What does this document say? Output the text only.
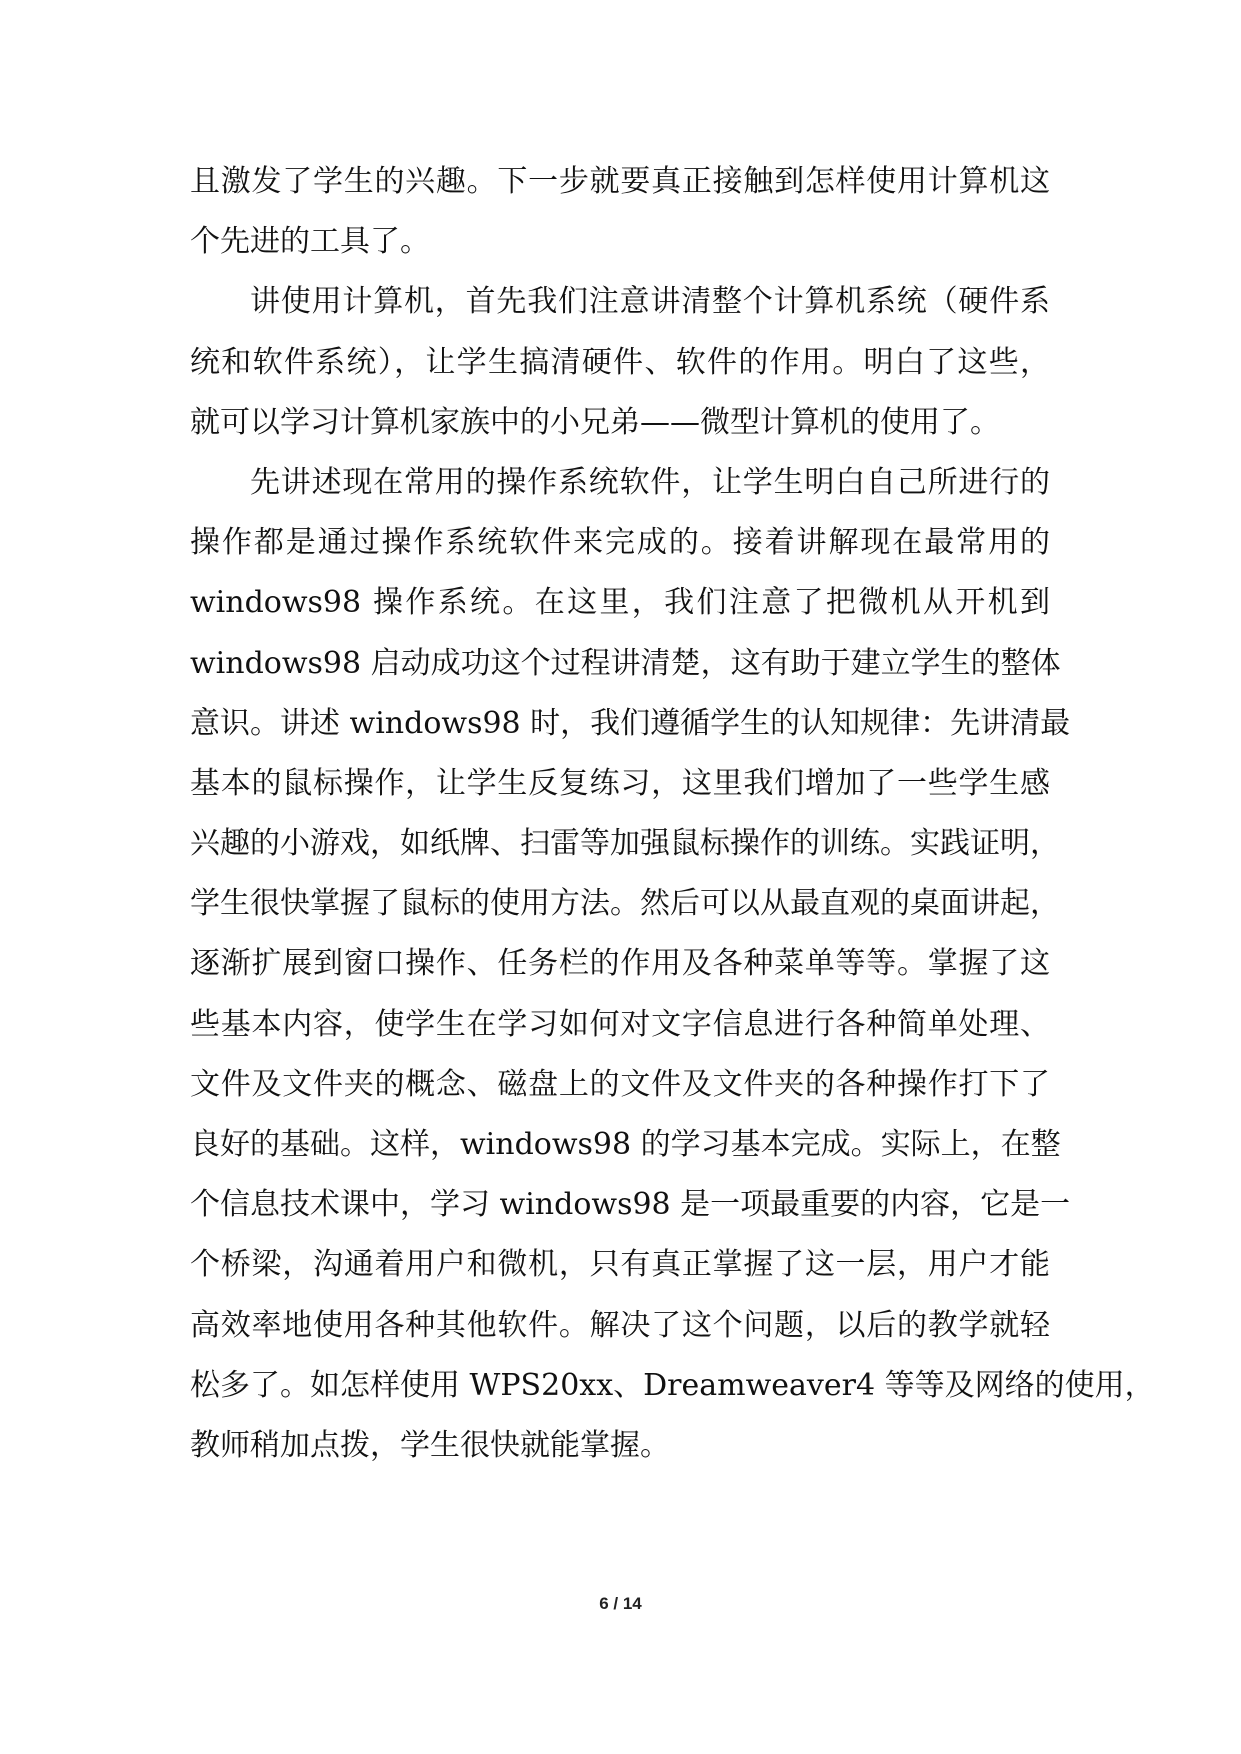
且激发了学生的兴趣。下一步就要真正接触到怎样使用计算机这
个先进的工具了。
讲使用计算机，首先我们注意讲清整个计算机系统（硬件系
统和软件系统），让学生搞清硬件、软件的作用。明白了这些，
就可以学习计算机家族中的小兄弟——微型计算机的使用了。
先讲述现在常用的操作系统软件，让学生明白自己所进行的
操作都是通过操作系统软件来完成的。接着讲解现在最常用的
windows98 操作系统。在这里，我们注意了把微机从开机到
windows98 启动成功这个过程讲清楚，这有助于建立学生的整体
意识。讲述 windows98 时，我们遵循学生的认知规律：先讲清最
基本的鼠标操作，让学生反复练习，这里我们增加了一些学生感
兴趣的小游戏，如纸牌、扫雷等加强鼠标操作的训练。实践证明，
学生很快掌握了鼠标的使用方法。然后可以从最直观的桌面讲起，
逐渐扩展到窗口操作、任务栏的作用及各种菜单等等。掌握了这
些基本内容，使学生在学习如何对文字信息进行各种简单处理、
文件及文件夹的概念、磁盘上的文件及文件夹的各种操作打下了
良好的基础。这样，windows98 的学习基本完成。实际上，在整
个信息技术课中，学习 windows98 是一项最重要的内容，它是一
个桥梁，沟通着用户和微机，只有真正掌握了这一层，用户才能
高效率地使用各种其他软件。解决了这个问题，以后的教学就轻
松多了。如怎样使用 WPS20xx、Dreamweaver4 等等及网络的使用，
教师稍加点拨，学生很快就能掌握。
6 / 14
